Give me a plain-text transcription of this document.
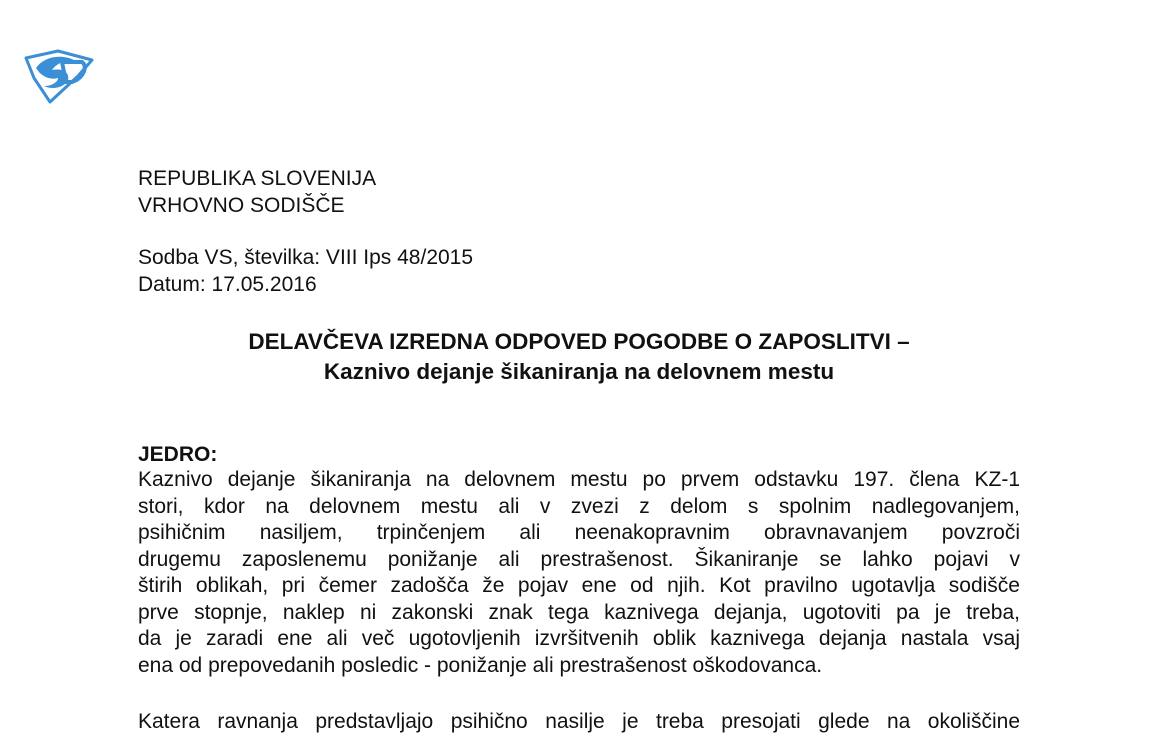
REPUBLIKA SLOVENIJA
VRHOVNO SODIŠČE
Sodba VS, številka: VIII Ips 48/2015
Datum: 17.05.2016
DELAVČEVA IZREDNA ODPOVED POGODBE O ZAPOSLITVI –
Kaznivo dejanje šikaniranja na delovnem mestu
JEDRO:
Kaznivo dejanje šikaniranja na delovnem mestu po prvem odstavku 197. člena KZ-1
stori, kdor na delovnem mestu ali v zvezi z delom s spolnim nadlegovanjem,
psihičnim nasiljem, trpinčenjem ali neenakopravnim obravnavanjem povzroči
drugemu zaposlenemu ponižanje ali prestrašenost. Šikaniranje se lahko pojavi v
štirih oblikah, pri čemer zadošča že pojav ene od njih. Kot pravilno ugotavlja sodišče
prve stopnje, naklep ni zakonski znak tega kaznivega dejanja, ugotoviti pa je treba,
da je zaradi ene ali več ugotovljenih izvršitvenih oblik kaznivega dejanja nastala vsaj
ena od prepovedanih posledic - ponižanje ali prestrašenost oškodovanca.
Katera ravnanja predstavljajo psihično nasilje je treba presojati glede na okoliščine
